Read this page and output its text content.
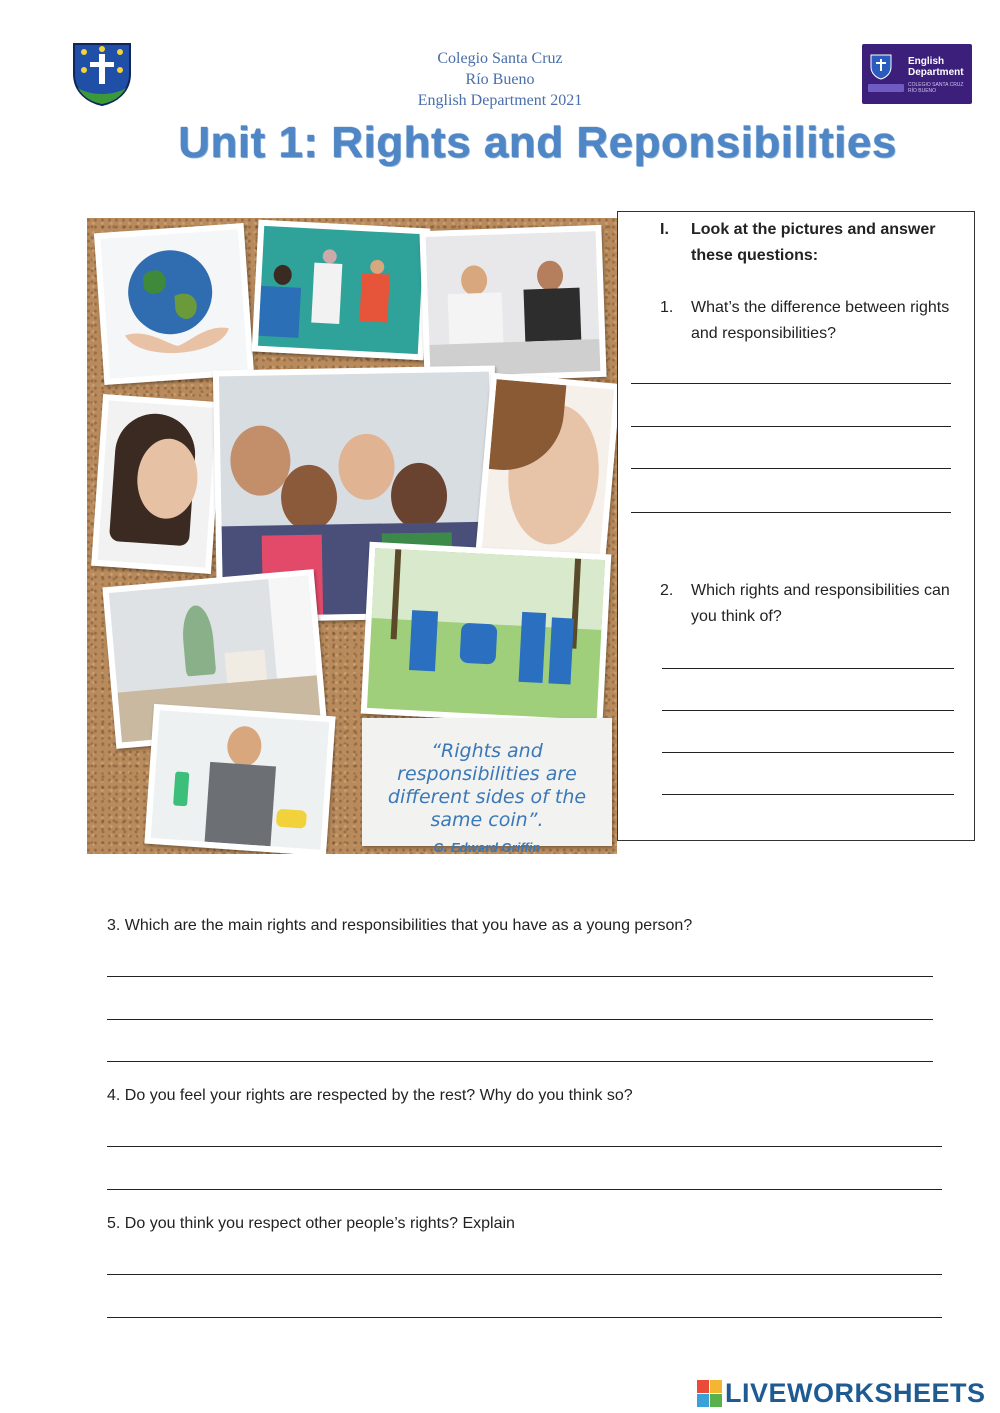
Colegio Santa Cruz
Río Bueno
English Department 2021
English
Department
COLEGIO SANTA CRUZ RÍO BUENO
Unit 1: Rights and Reponsibilities
“Rights and responsibilities are different sides of the same coin”.
G. Edward Griffin
I. Look at the pictures and answer these questions:
1. What’s the difference between rights and responsibilities?
2. Which rights and responsibilities can you think of?
3. Which are the main rights and responsibilities that you have as a young person?
4. Do you feel your rights are respected by the rest? Why do you think so?
5. Do you think you respect other people’s rights? Explain
LIVEWORKSHEETS
